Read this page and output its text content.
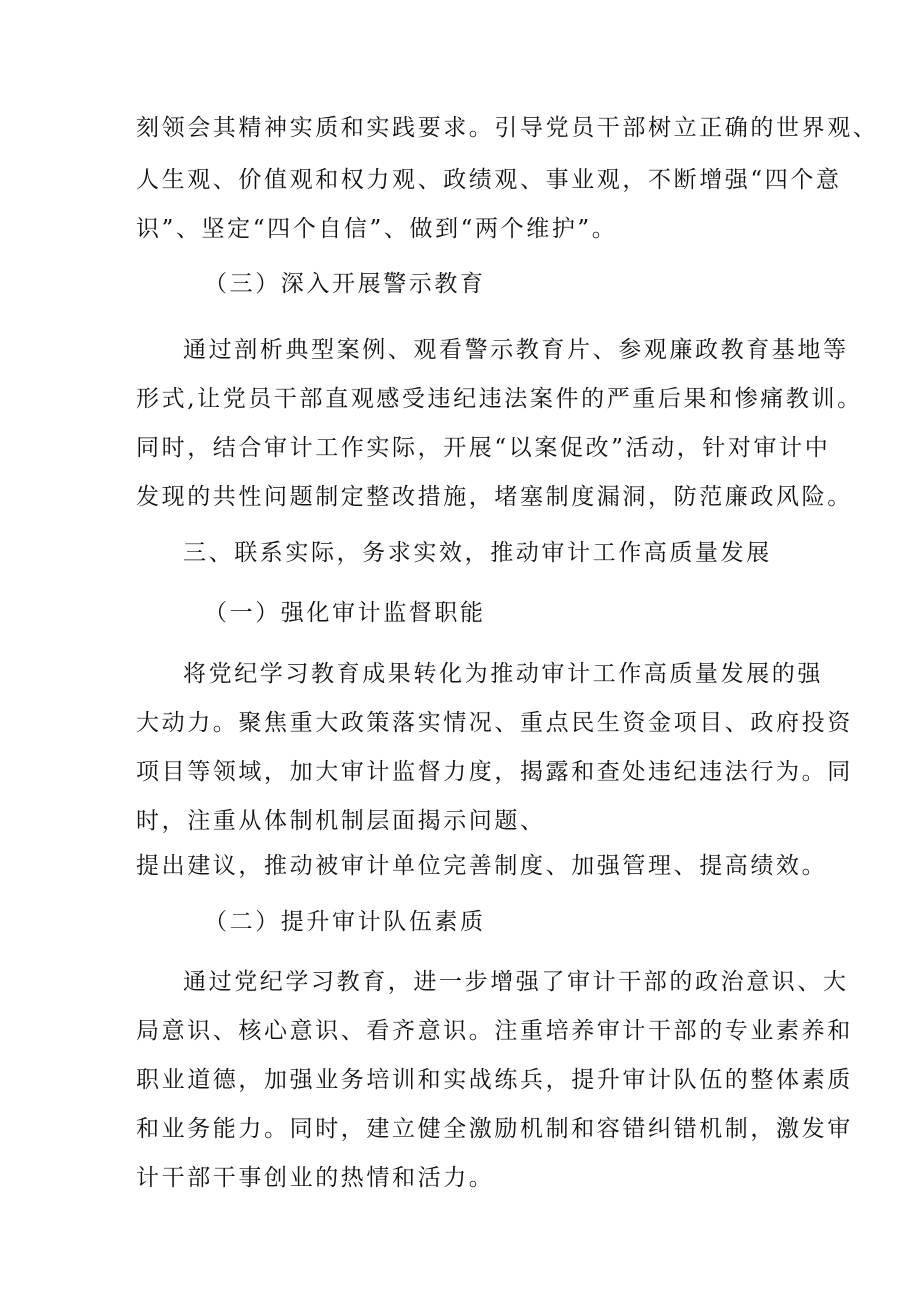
刻领会其精神实质和实践要求。引导党员干部树立正确的世界观、
人生观、价值观和权力观、政绩观、事业观，不断增强“四个意
识”、坚定“四个自信”、做到“两个维护”。
（三）深入开展警示教育
通过剖析典型案例、观看警示教育片、参观廉政教育基地等
形式,让党员干部直观感受违纪违法案件的严重后果和惨痛教训。
同时，结合审计工作实际，开展“以案促改”活动，针对审计中
发现的共性问题制定整改措施，堵塞制度漏洞，防范廉政风险。
三、联系实际，务求实效，推动审计工作高质量发展
（一）强化审计监督职能
将党纪学习教育成果转化为推动审计工作高质量发展的强
大动力。聚焦重大政策落实情况、重点民生资金项目、政府投资
项目等领域，加大审计监督力度，揭露和查处违纪违法行为。同
时，注重从体制机制层面揭示问题、
提出建议，推动被审计单位完善制度、加强管理、提高绩效。
（二）提升审计队伍素质
通过党纪学习教育，进一步增强了审计干部的政治意识、大
局意识、核心意识、看齐意识。注重培养审计干部的专业素养和
职业道德，加强业务培训和实战练兵，提升审计队伍的整体素质
和业务能力。同时，建立健全激励机制和容错纠错机制，激发审
计干部干事创业的热情和活力。
